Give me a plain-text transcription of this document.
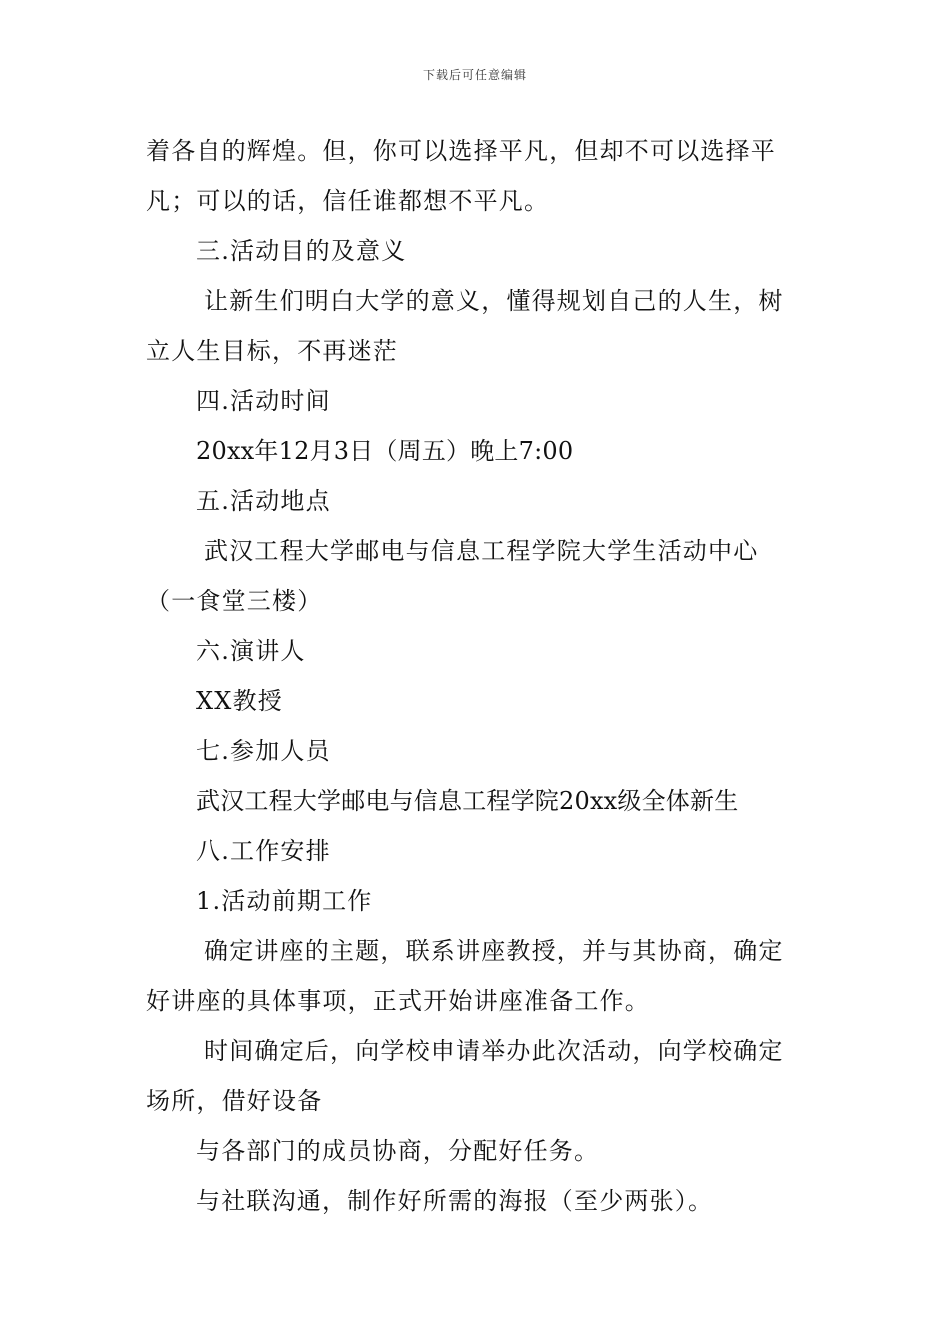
下载后可任意编辑
着各自的辉煌。但，你可以选择平凡，但却不可以选择平
凡；可以的话，信任谁都想不平凡。
三.活动目的及意义
让新生们明白大学的意义，懂得规划自己的人生，树
立人生目标，不再迷茫
四.活动时间
20xx年12月3日（周五）晚上7:00
五.活动地点
武汉工程大学邮电与信息工程学院大学生活动中心
（一食堂三楼）
六.演讲人
XX教授
七.参加人员
武汉工程大学邮电与信息工程学院20xx级全体新生
八.工作安排
1.活动前期工作
确定讲座的主题，联系讲座教授，并与其协商，确定
好讲座的具体事项，正式开始讲座准备工作。
时间确定后，向学校申请举办此次活动，向学校确定
场所，借好设备
与各部门的成员协商，分配好任务。
与社联沟通，制作好所需的海报（至少两张）。
